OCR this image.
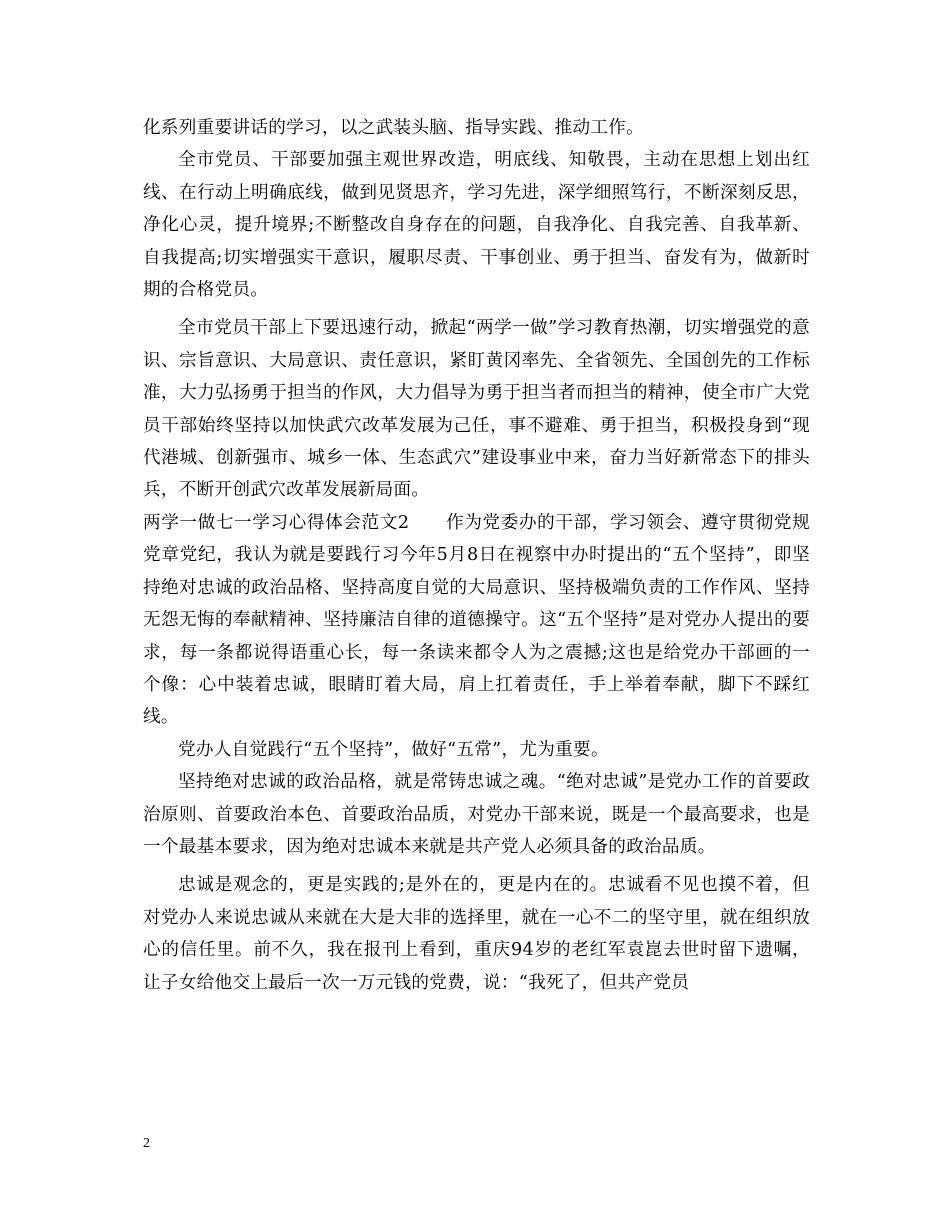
化系列重要讲话的学习，以之武装头脑、指导实践、推动工作。

全市党员、干部要加强主观世界改造，明底线、知敬畏，主动在思想上划出红线、在行动上明确底线，做到见贤思齐，学习先进，深学细照笃行，不断深刻反思，净化心灵，提升境界;不断整改自身存在的问题，自我净化、自我完善、自我革新、自我提高;切实增强实干意识，履职尽责、干事创业、勇于担当、奋发有为，做新时期的合格党员。

全市党员干部上下要迅速行动，掀起“两学一做”学习教育热潮，切实增强党的意识、宗旨意识、大局意识、责任意识，紧盯黄冈率先、全省领先、全国创先的工作标准，大力弘扬勇于担当的作风，大力倡导为勇于担当者而担当的精神，使全市广大党员干部始终坚持以加快武穴改革发展为己任，事不避难、勇于担当，积极投身到“现代港城、创新强市、城乡一体、生态武穴”建设事业中来，奋力当好新常态下的排头兵，不断开创武穴改革发展新局面。

两学一做七一学习心得体会范文2　　作为党委办的干部，学习领会、遵守贯彻党规党章党纪，我认为就是要践行习今年5月8日在视察中办时提出的“五个坚持”，即坚持绝对忠诚的政治品格、坚持高度自觉的大局意识、坚持极端负责的工作作风、坚持无怨无悔的奉献精神、坚持廉洁自律的道德操守。这“五个坚持”是对党办人提出的要求，每一条都说得语重心长，每一条读来都令人为之震撼;这也是给党办干部画的一个像：心中装着忠诚，眼睛盯着大局，肩上扛着责任，手上举着奉献，脚下不踩红线。

党办人自觉践行“五个坚持”，做好“五常”，尤为重要。

坚持绝对忠诚的政治品格，就是常铸忠诚之魂。“绝对忠诚”是党办工作的首要政治原则、首要政治本色、首要政治品质，对党办干部来说，既是一个最高要求，也是一个最基本要求，因为绝对忠诚本来就是共产党人必须具备的政治品质。

忠诚是观念的，更是实践的;是外在的，更是内在的。忠诚看不见也摸不着，但对党办人来说忠诚从来就在大是大非的选择里，就在一心不二的坚守里，就在组织放心的信任里。前不久，我在报刊上看到，重庆94岁的老红军袁崑去世时留下遗嘱，让子女给他交上最后一次一万元钱的党费，说：“我死了，但共产党员

2
